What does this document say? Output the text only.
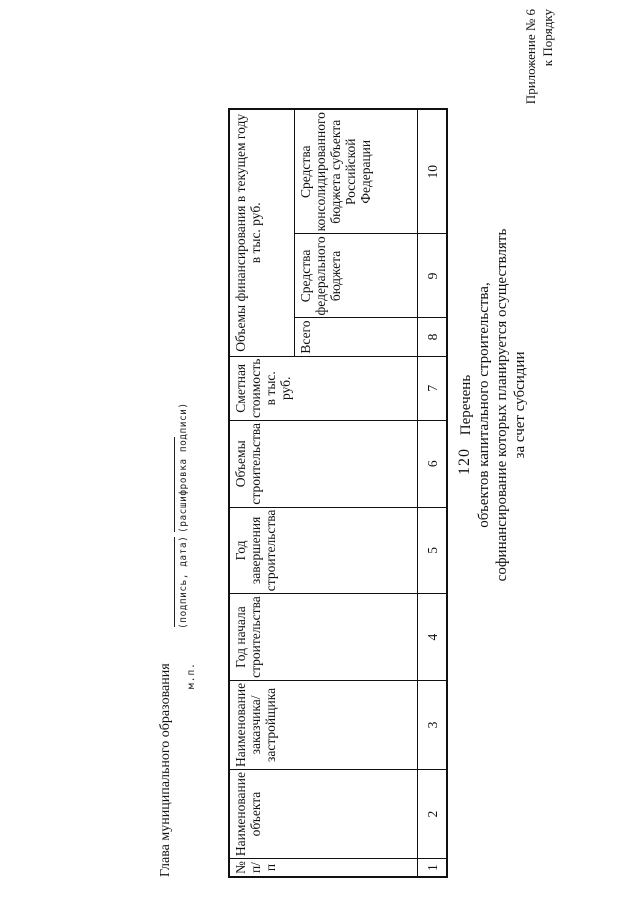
120
Приложение № 6 к Порядку
Перечень объектов капитального строительства, софинансирование которых планируется осуществлять за счет субсидии
№ п/п	Наименование объекта	Наименование заказчика/ застройщика	Год начала строительства	Год завершения строительства	Объемы строительства	Сметная стоимость в тыс. руб.	Объемы финансирования в текущем году в тыс. руб.		
							Всего	Средства федерального бюджета	Средства консолидированного бюджета субъекта Российской Федерации
1	2	3	4	5	6	7	8	9	10
Глава муниципального образования
(подпись, дата)
(расшифровка подписи)
м.п.
